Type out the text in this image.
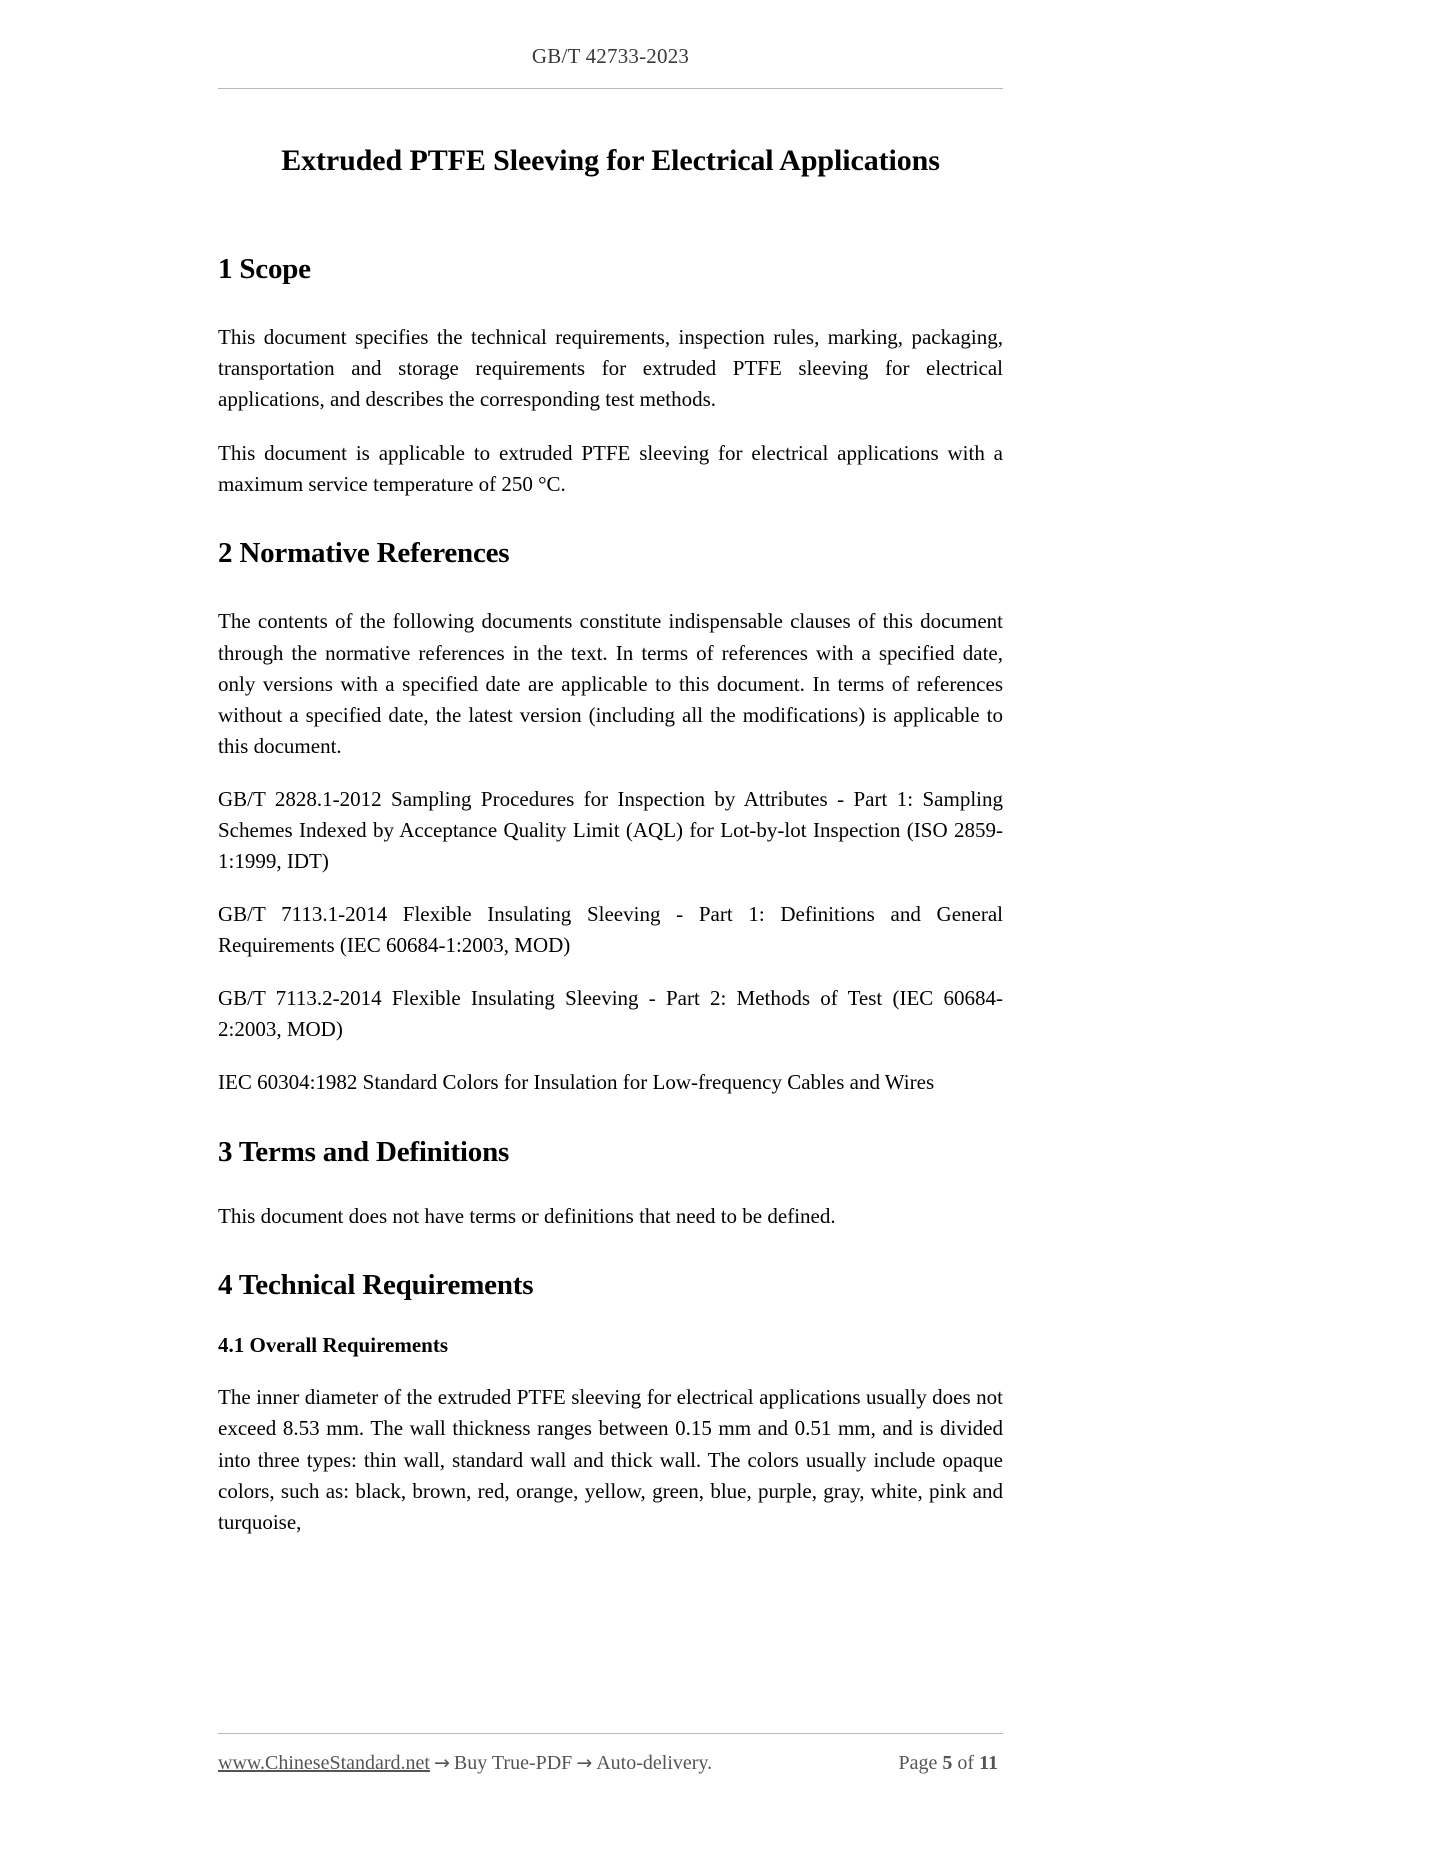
GB/T 42733-2023
Extruded PTFE Sleeving for Electrical Applications
1 Scope

This document specifies the technical requirements, inspection rules, marking, packaging, transportation and storage requirements for extruded PTFE sleeving for electrical applications, and describes the corresponding test methods.

This document is applicable to extruded PTFE sleeving for electrical applications with a maximum service temperature of 250 °C.

2 Normative References

The contents of the following documents constitute indispensable clauses of this document through the normative references in the text. In terms of references with a specified date, only versions with a specified date are applicable to this document. In terms of references without a specified date, the latest version (including all the modifications) is applicable to this document.

GB/T 2828.1-2012 Sampling Procedures for Inspection by Attributes - Part 1: Sampling Schemes Indexed by Acceptance Quality Limit (AQL) for Lot-by-lot Inspection (ISO 2859-1:1999, IDT)

GB/T 7113.1-2014 Flexible Insulating Sleeving - Part 1: Definitions and General Requirements (IEC 60684-1:2003, MOD)

GB/T 7113.2-2014 Flexible Insulating Sleeving - Part 2: Methods of Test (IEC 60684-2:2003, MOD)

IEC 60304:1982 Standard Colors for Insulation for Low-frequency Cables and Wires

3 Terms and Definitions

This document does not have terms or definitions that need to be defined.

4 Technical Requirements
4.1 Overall Requirements

The inner diameter of the extruded PTFE sleeving for electrical applications usually does not exceed 8.53 mm. The wall thickness ranges between 0.15 mm and 0.51 mm, and is divided into three types: thin wall, standard wall and thick wall. The colors usually include opaque colors, such as: black, brown, red, orange, yellow, green, blue, purple, gray, white, pink and turquoise,

www.ChineseStandard.net → Buy True-PDF → Auto-delivery.	Page 5 of 11
